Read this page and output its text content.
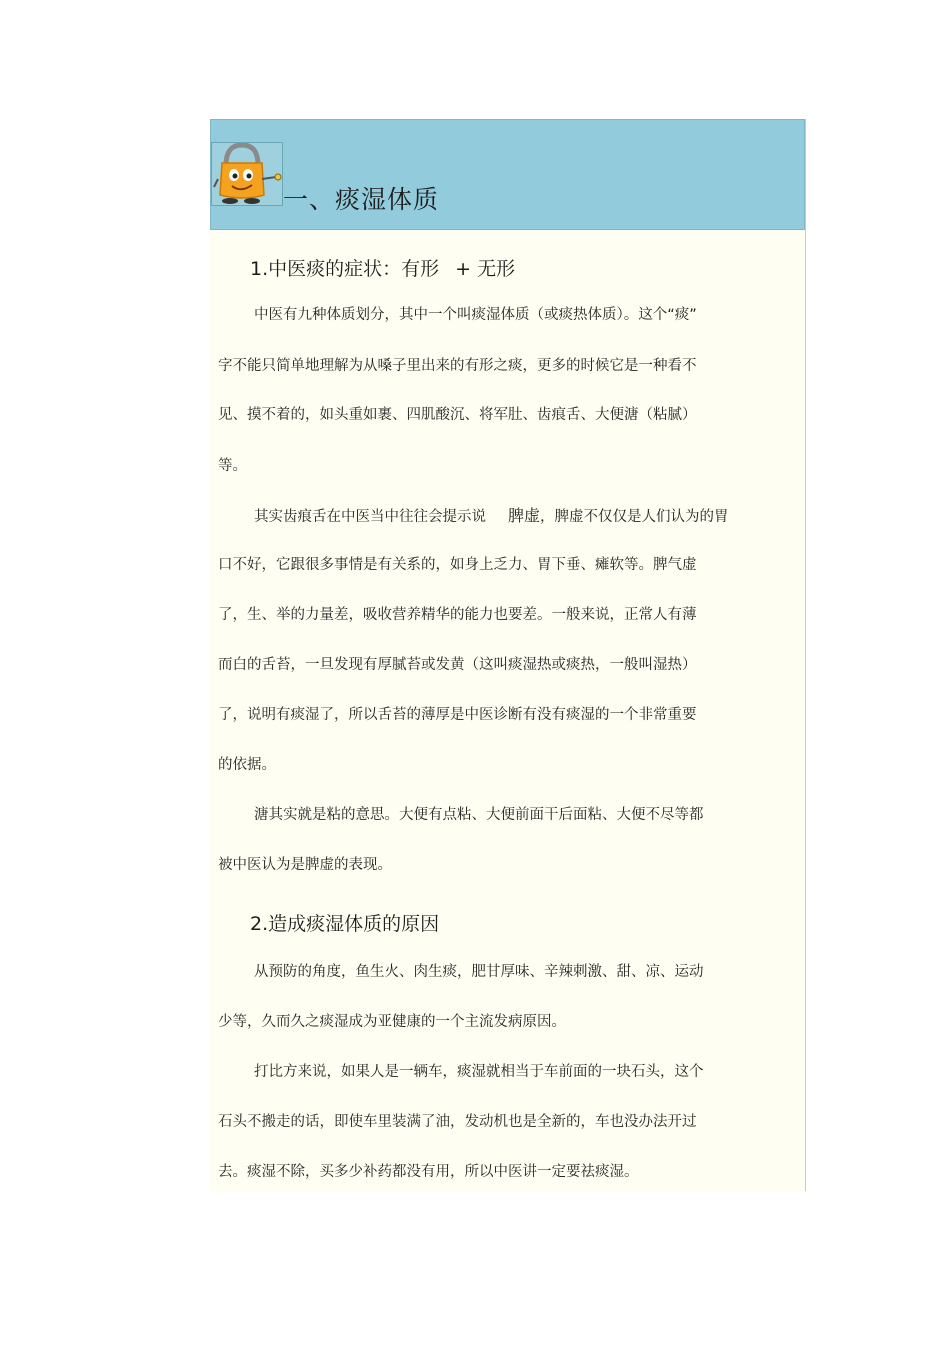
一、痰湿体质
1.中医痰的症状：有形 + 无形
中医有九种体质划分，其中一个叫痰湿体质（或痰热体质）。这个“痰”
字不能只简单地理解为从嗓子里出来的有形之痰，更多的时候它是一种看不
见、摸不着的，如头重如裹、四肌酸沉、将军肚、齿痕舌、大便溏（粘腻）
等。
其实齿痕舌在中医当中往往会提示说 脾虚，脾虚不仅仅是人们认为的胃
口不好，它跟很多事情是有关系的，如身上乏力、胃下垂、瘫软等。脾气虚
了，生、举的力量差，吸收营养精华的能力也要差。一般来说，正常人有薄
而白的舌苔，一旦发现有厚腻苔或发黄（这叫痰湿热或痰热，一般叫湿热）
了，说明有痰湿了，所以舌苔的薄厚是中医诊断有没有痰湿的一个非常重要
的依据。
溏其实就是粘的意思。大便有点粘、大便前面干后面粘、大便不尽等都
被中医认为是脾虚的表现。
2.造成痰湿体质的原因
从预防的角度，鱼生火、肉生痰，肥甘厚味、辛辣刺激、甜、凉、运动
少等，久而久之痰湿成为亚健康的一个主流发病原因。
打比方来说，如果人是一辆车，痰湿就相当于车前面的一块石头，这个
石头不搬走的话，即使车里装满了油，发动机也是全新的，车也没办法开过
去。痰湿不除，买多少补药都没有用，所以中医讲一定要祛痰湿。
